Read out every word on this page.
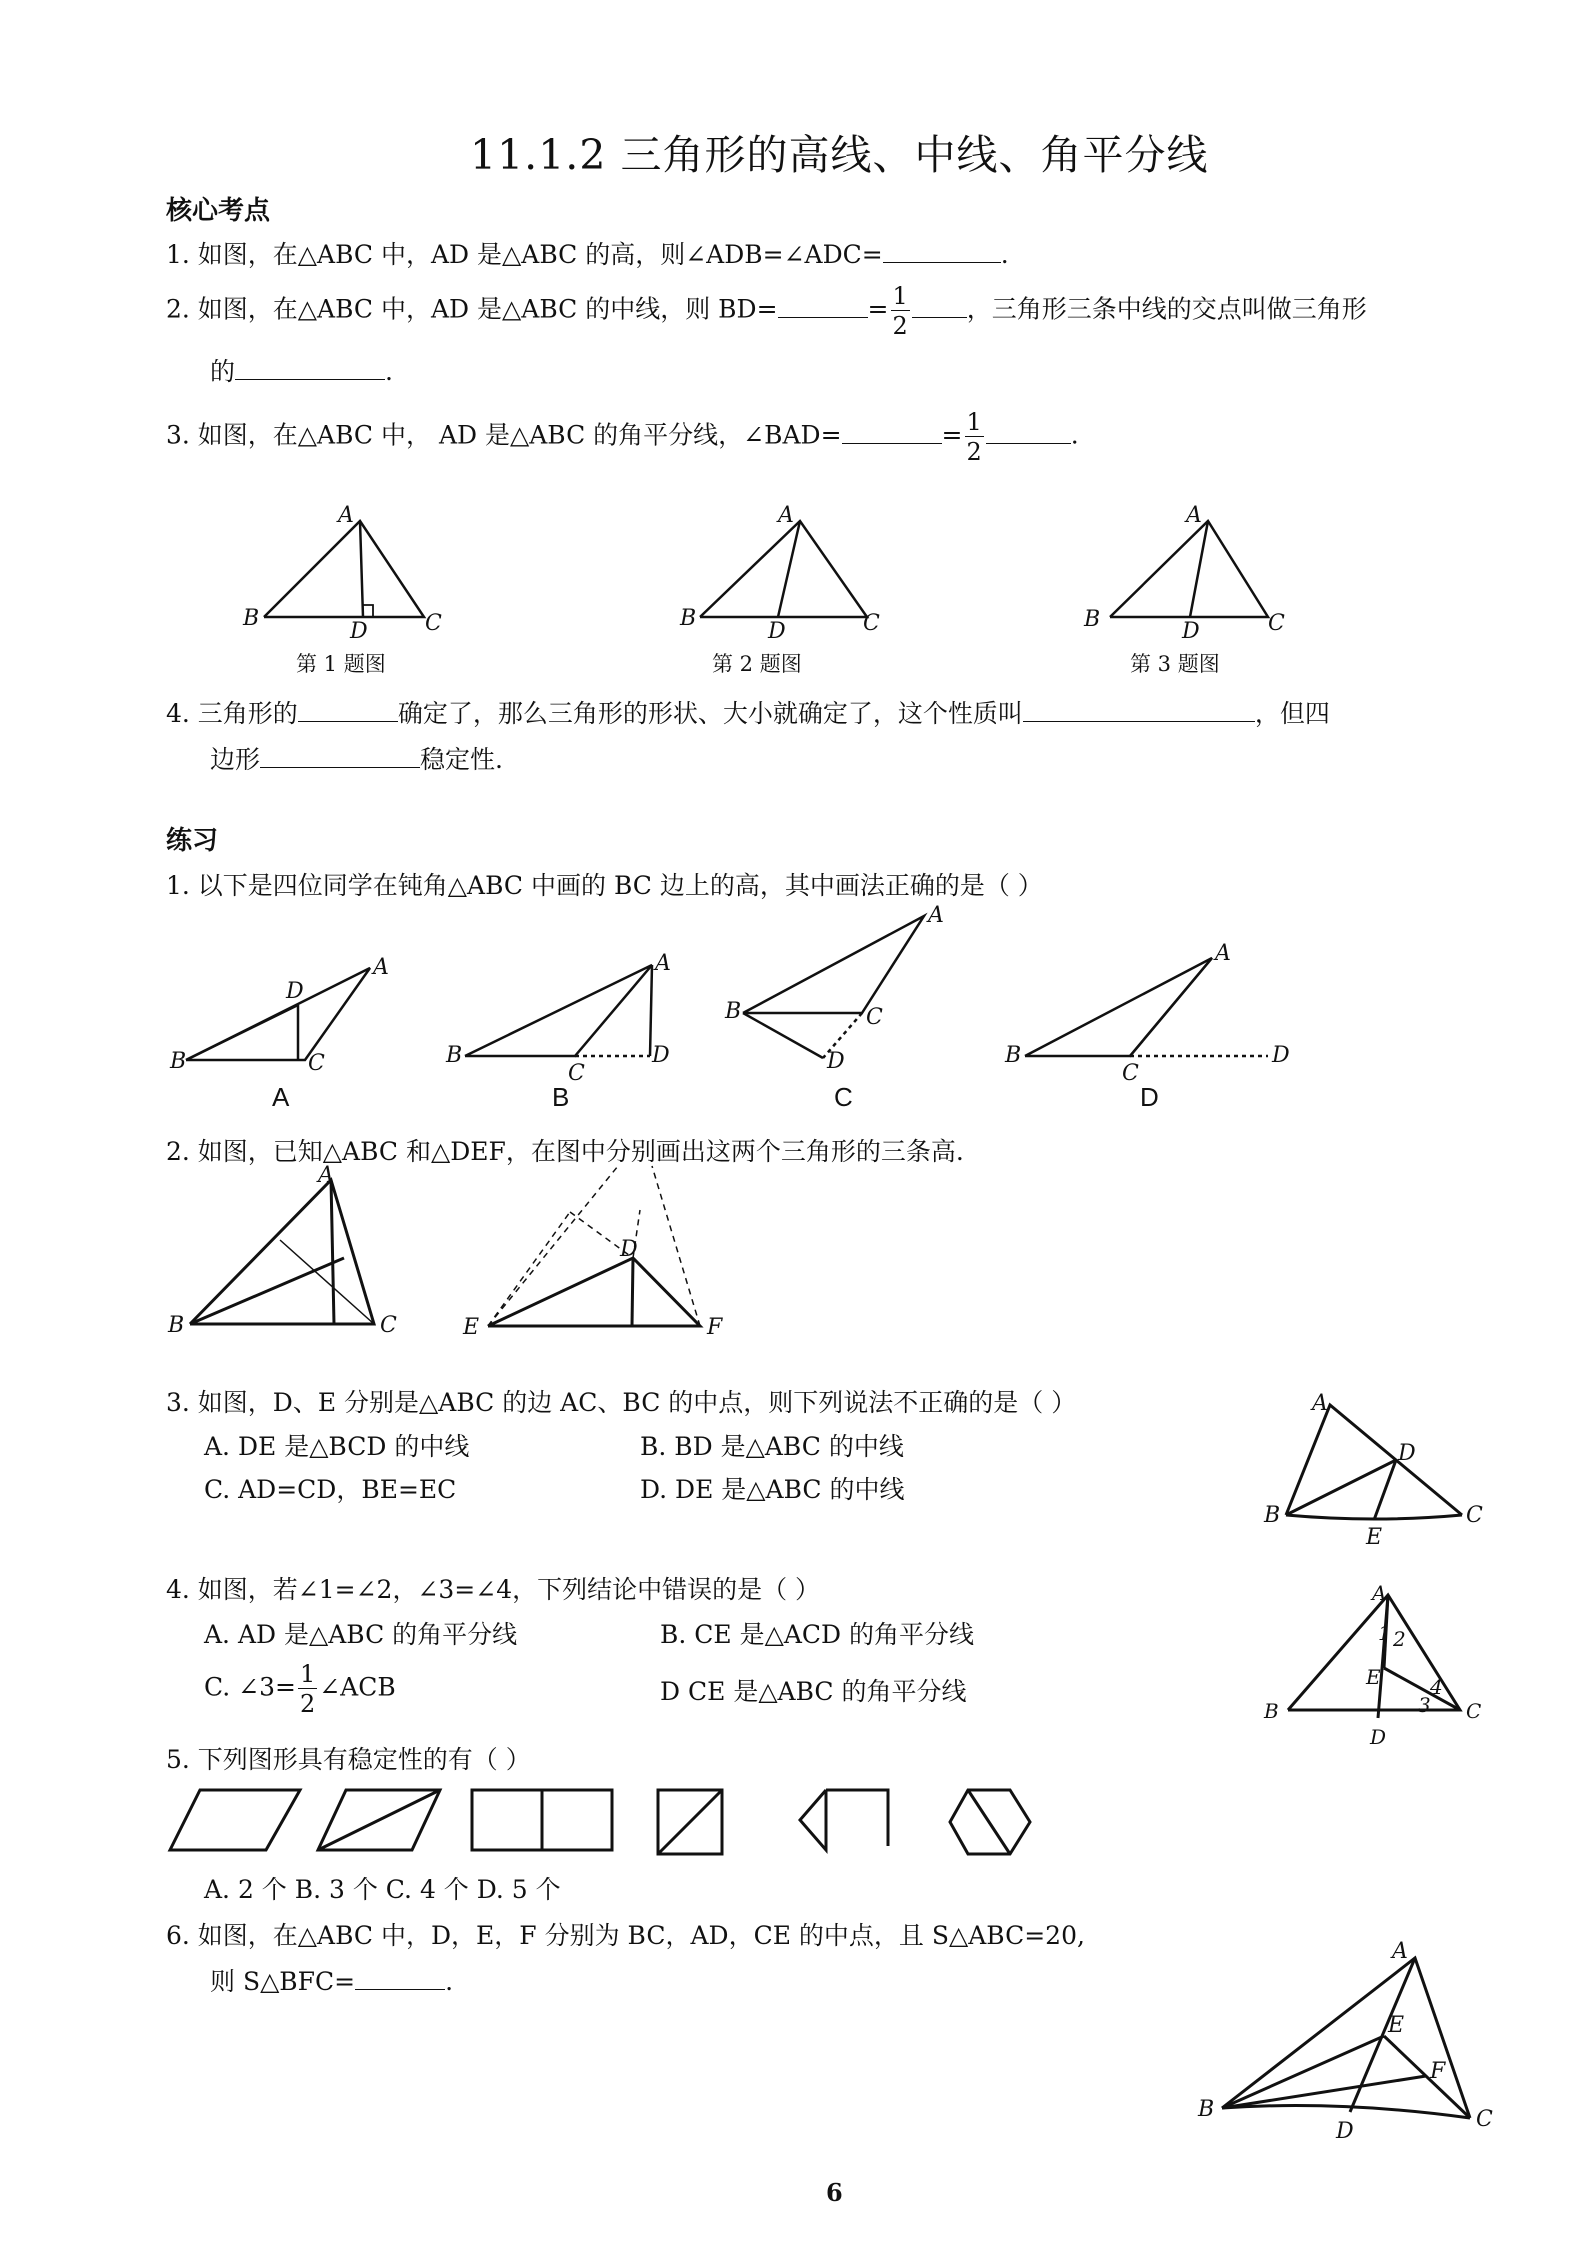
11.1.2 三角形的高线、中线、角平分线
核心考点
1. 如图，在△ABC 中，AD 是△ABC 的高，则∠ADB=∠ADC=	.
2. 如图，在△ABC 中，AD 是△ABC 的中线，则 BD=	= $\frac{1}{2}$ ，三角形三条中线的交点叫做三角形
的	.
3. 如图，在△ABC 中， AD 是△ABC 的角平分线，∠BAD=	= $\frac{1}{2}$	.
A
B
D	C
A
B
D	C
A
B	D	C
第 1 题图	第 2 题图	第 3 题图
4. 三角形的	确定了，那么三角形的形状、大小就确定了，这个性质叫	，但四
边形	稳定性.
练习
1. 以下是四位同学在钝角△ABC 中画的 BC 边上的高，其中画法正确的是（ ）
A
D
B	C
A
B
C
D
A
B	C
D
A
B
C
D
A	B	C	D
2. 如图，已知△ABC 和△DEF，在图中分别画出这两个三角形的三条高.
A
B	C
D
E	F
3. 如图，D、E 分别是△ABC 的边 AC、BC 的中点，则下列说法不正确的是（ ）
A. DE 是△BCD 的中线	B. BD 是△ABC 的中线
C. AD=CD，BE=EC	D. DE 是△ABC 的中线
A
D
B
E
C
4. 如图，若∠1=∠2，∠3=∠4，下列结论中错误的是（ ）
A. AD 是△ABC 的角平分线	B. CE 是△ACD 的角平分线
C. ∠3= $\frac{1}{2}$ ∠ACB	D CE 是△ABC 的角平分线
A
1 2
E 4
3
B	C
D
5. 下列图形具有稳定性的有（ ）
A. 2 个 B. 3 个 C. 4 个 D. 5 个
6. 如图，在△ABC 中，D，E，F 分别为 BC，AD，CE 的中点，且 S△ABC=20,
则 S△BFC=	.
A
E
F
B	C
D
6
